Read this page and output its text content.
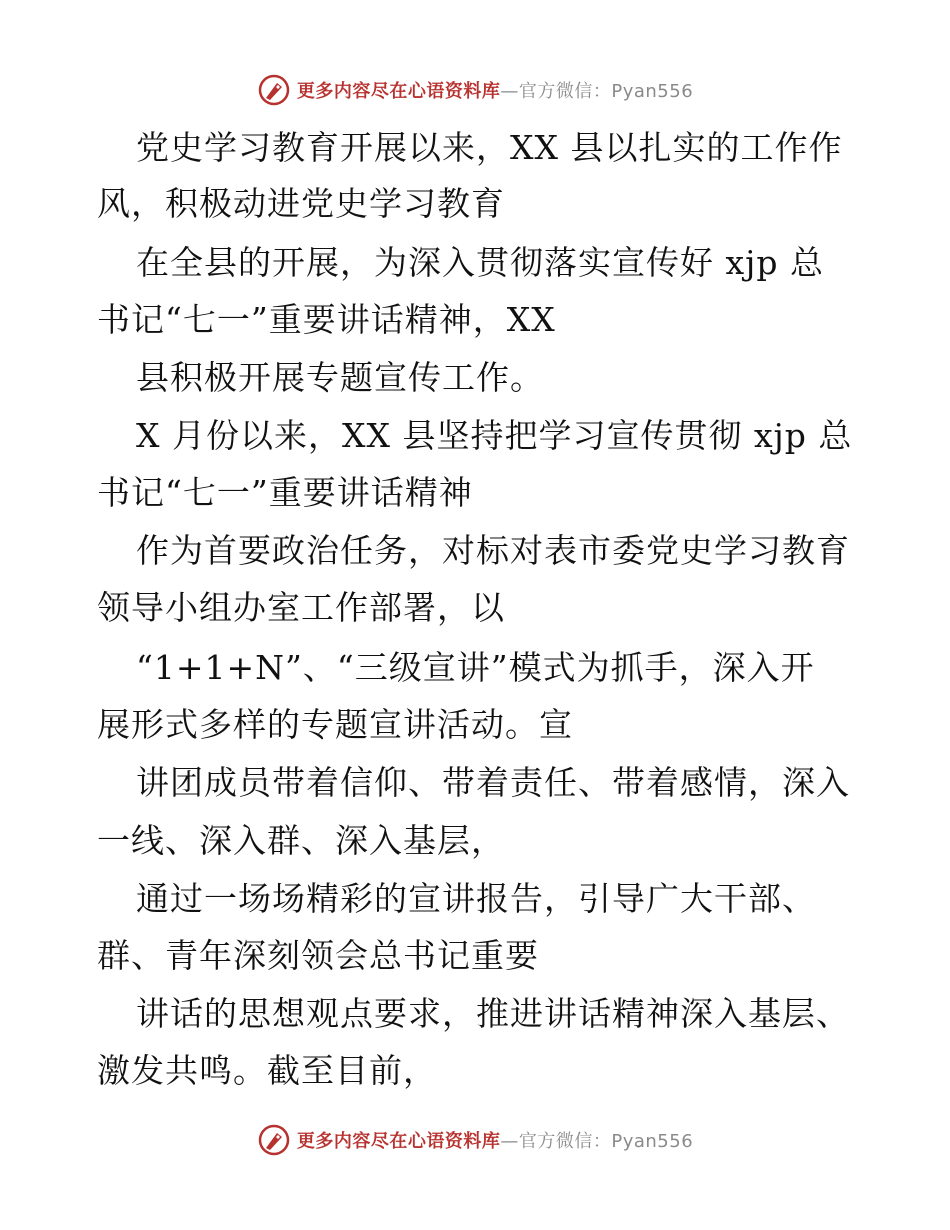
更多内容尽在心语资料库—官方微信：Pyan556
党史学习教育开展以来，XX 县以扎实的工作作
风，积极动进党史学习教育
在全县的开展，为深入贯彻落实宣传好 xjp 总
书记“七一”重要讲话精神，XX
县积极开展专题宣传工作。
X 月份以来，XX 县坚持把学习宣传贯彻 xjp 总
书记“七一”重要讲话精神
作为首要政治任务，对标对表市委党史学习教育
领导小组办室工作部署，以
“1+1+N”、“三级宣讲”模式为抓手，深入开
展形式多样的专题宣讲活动。宣
讲团成员带着信仰、带着责任、带着感情，深入
一线、深入群、深入基层，
通过一场场精彩的宣讲报告，引导广大干部、
群、青年深刻领会总书记重要
讲话的思想观点要求，推进讲话精神深入基层、
激发共鸣。截至目前，
更多内容尽在心语资料库—官方微信：Pyan556
